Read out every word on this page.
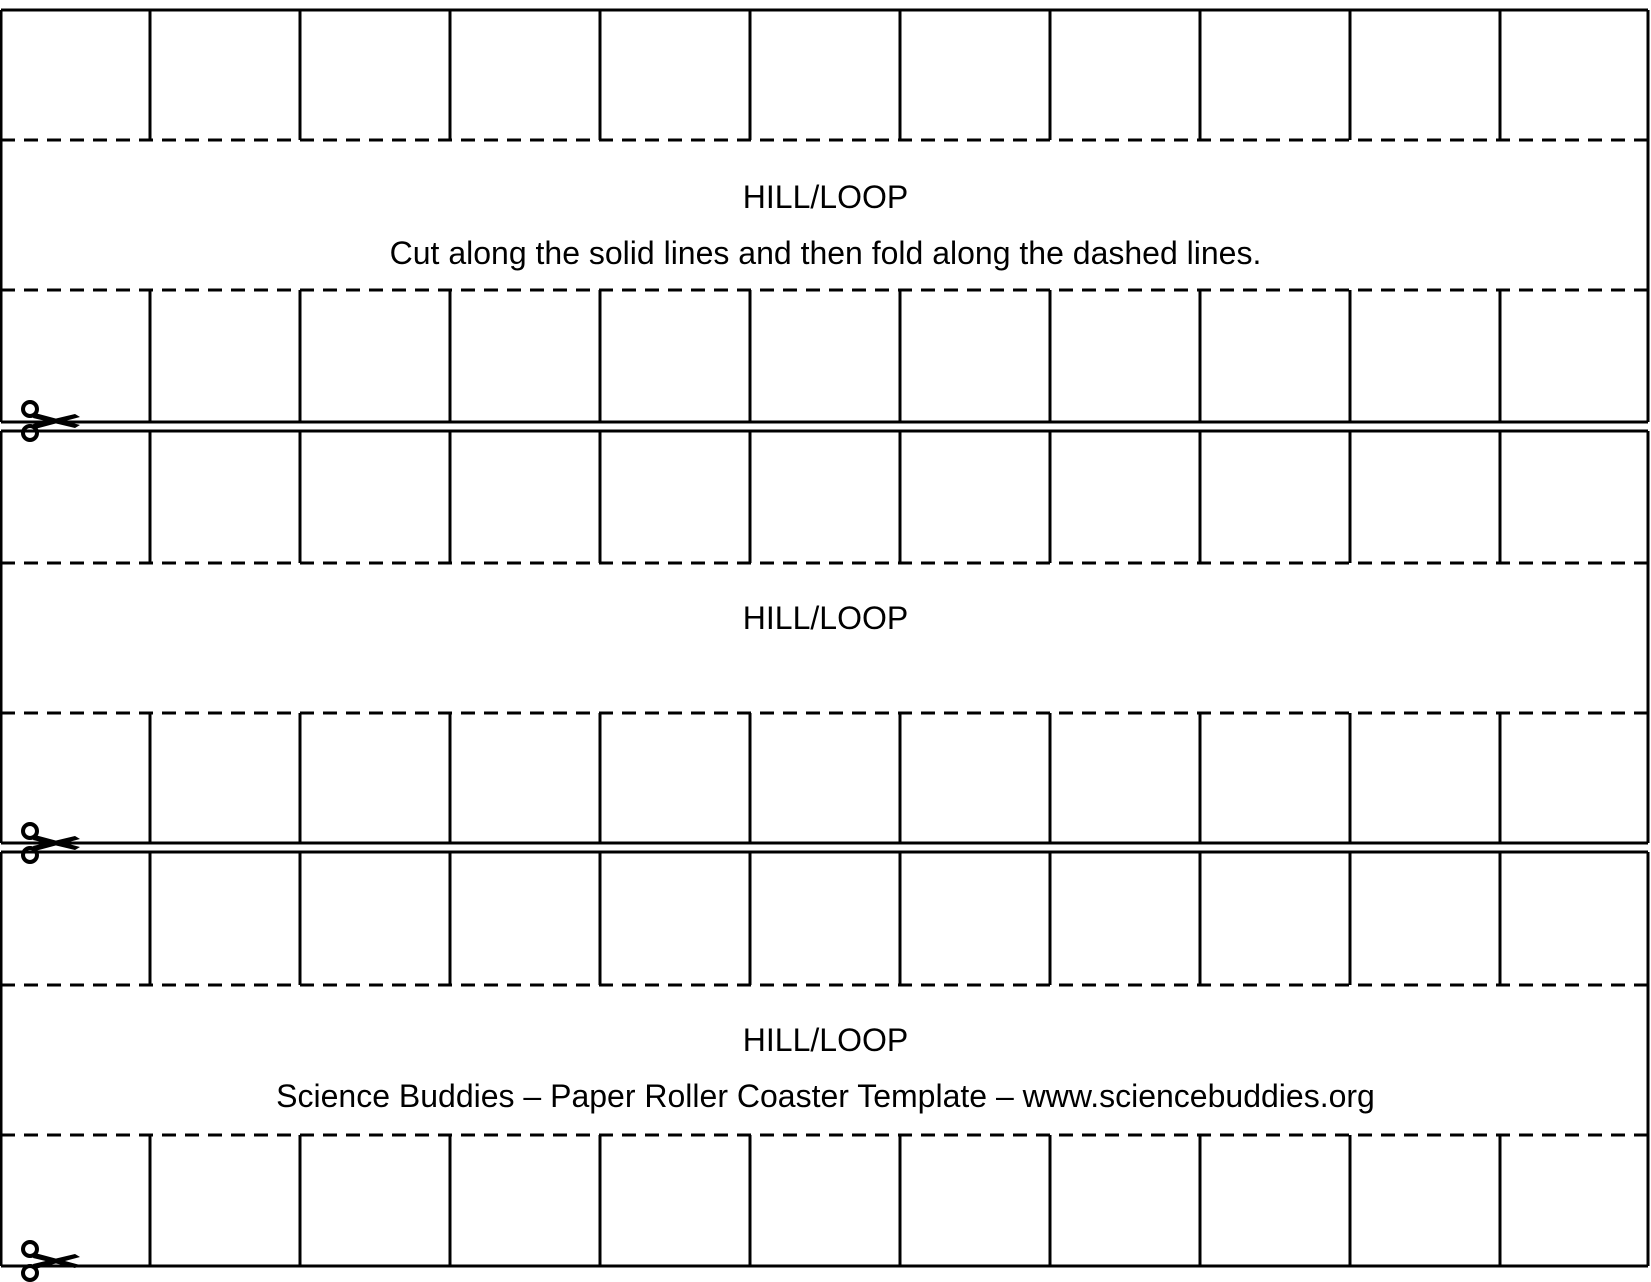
HILL/LOOP
Cut along the solid lines and then fold along the dashed lines.
HILL/LOOP
HILL/LOOP
Science Buddies – Paper Roller Coaster Template – www.sciencebuddies.org
